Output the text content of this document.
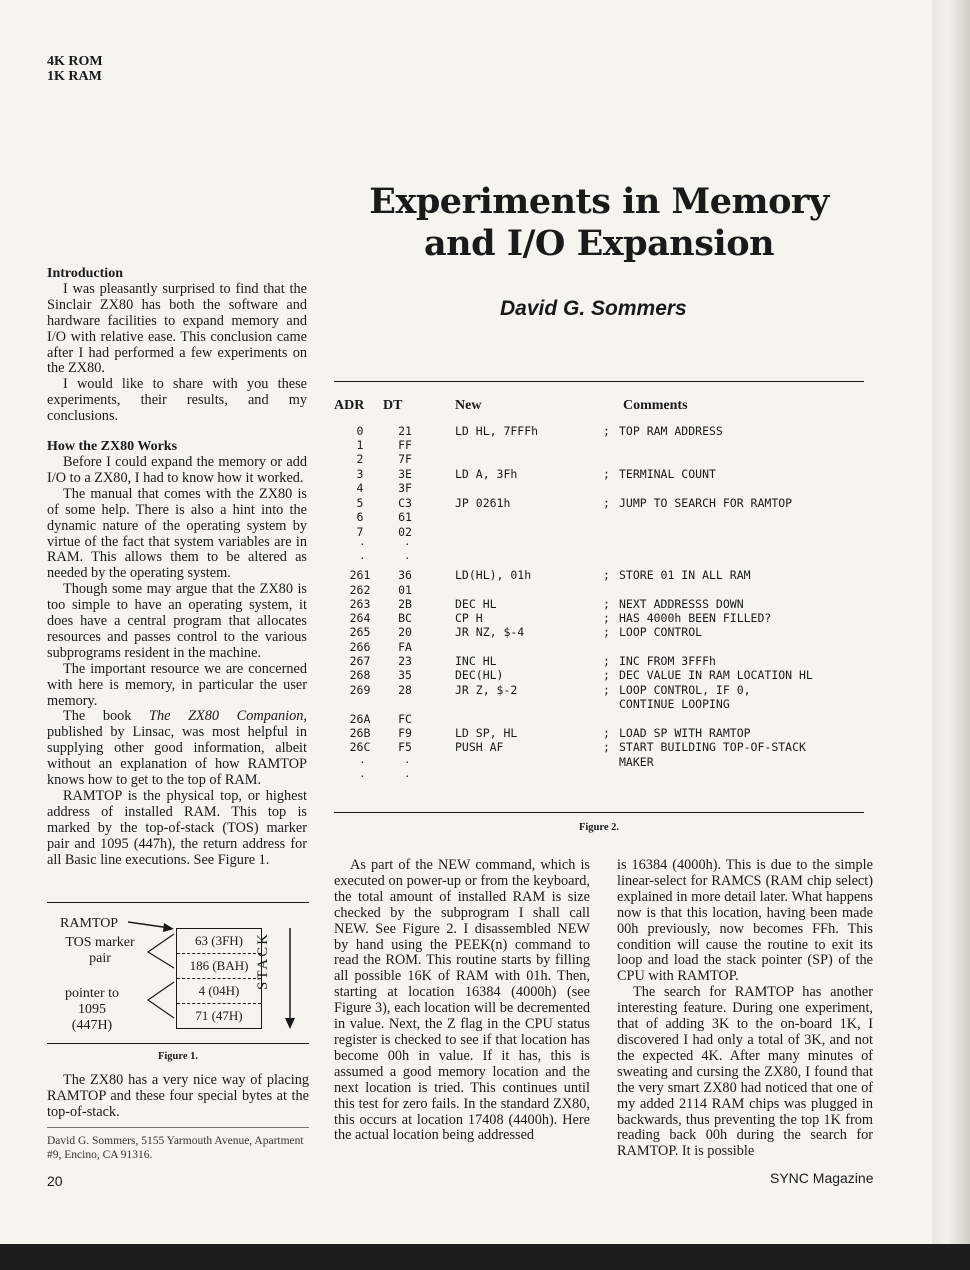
4K ROM
1K RAM
Experiments in Memory
and I/O Expansion
David G. Sommers
Introduction

I was pleasantly surprised to find that the Sinclair ZX80 has both the software and hardware facilities to expand memory and I/O with relative ease. This conclusion came after I had performed a few experiments on the ZX80.

I would like to share with you these experiments, their results, and my conclusions.

How the ZX80 Works

Before I could expand the memory or add I/O to a ZX80, I had to know how it worked.

The manual that comes with the ZX80 is of some help. There is also a hint into the dynamic nature of the operating system by virtue of the fact that system variables are in RAM. This allows them to be altered as needed by the operating system.

Though some may argue that the ZX80 is too simple to have an operating system, it does have a central program that allocates resources and passes control to the various subprograms resident in the machine.

The important resource we are concerned with here is memory, in particular the user memory.

The book The ZX80 Companion, published by Linsac, was most helpful in supplying other good information, albeit without an explanation of how RAMTOP knows how to get to the top of RAM.

RAMTOP is the physical top, or highest address of installed RAM. This top is marked by the top-of-stack (TOS) marker pair and 1095 (447h), the return address for all Basic line executions. See Figure 1.

RAMTOP
TOS marker
pair
pointer to
1095 (447H)
63 (3FH)
186 (BAH)
4 (04H)
71 (47H)
STACK
Figure 1.

The ZX80 has a very nice way of placing RAMTOP and these four special bytes at the top-of-stack.

David G. Sommers, 5155 Yarmouth Avenue, Apartment #9, Encino, CA 91316.
20
ADR DT	New	Comments
0	21	LD HL, 7FFFh	; TOP RAM ADDRESS
1	FF
2	7F
3	3E	LD A, 3Fh	; TERMINAL COUNT
4	3F
5	C3	JP 0261h	; JUMP TO SEARCH FOR RAMTOP
6	61
7	02
261	36	LD(HL), 01h	; STORE 01 IN ALL RAM
262	01
263	2B	DEC HL	; NEXT ADDRESSS DOWN
264	BC	CP H	; HAS 4000h BEEN FILLED?
265	20	JR NZ, $-4	; LOOP CONTROL
266	FA
267	23	INC HL	; INC FROM 3FFFh
268	35	DEC(HL)	; DEC VALUE IN RAM LOCATION HL
269	28	JR Z, $-2	; LOOP CONTROL, IF 0,
CONTINUE LOOPING
26A	FC
26B	F9	LD SP, HL	; LOAD SP WITH RAMTOP
26C	F5	PUSH AF	; START BUILDING TOP-OF-STACK
MAKER
·	·
·	·
·	·
·	·
Figure 2.

As part of the NEW command, which is executed on power-up or from the keyboard, the total amount of installed RAM is size checked by the subprogram I shall call NEW. See Figure 2. I disassembled NEW by hand using the PEEK(n) command to read the ROM. This routine starts by filling all possible 16K of RAM with 01h. Then, starting at location 16384 (4000h) (see Figure 3), each location will be decremented in value. Next, the Z flag in the CPU status register is checked to see if that location has become 00h in value. If it has, this is assumed a good memory location and the next location is tried. This continues until this test for zero fails. In the standard ZX80, this occurs at location 17408 (4400h). Here the actual location being addressed

is 16384 (4000h). This is due to the simple linear-select for RAMCS (RAM chip select) explained in more detail later. What happens now is that this location, having been made 00h previously, now becomes FFh. This condition will cause the routine to exit its loop and load the stack pointer (SP) of the CPU with RAMTOP.

The search for RAMTOP has another interesting feature. During one experiment, that of adding 3K to the on-board 1K, I discovered I had only a total of 3K, and not the expected 4K. After many minutes of sweating and cursing the ZX80, I found that the very smart ZX80 had noticed that one of my added 2114 RAM chips was plugged in backwards, thus preventing the top 1K from reading back 00h during the search for RAMTOP. It is possible

SYNC Magazine
